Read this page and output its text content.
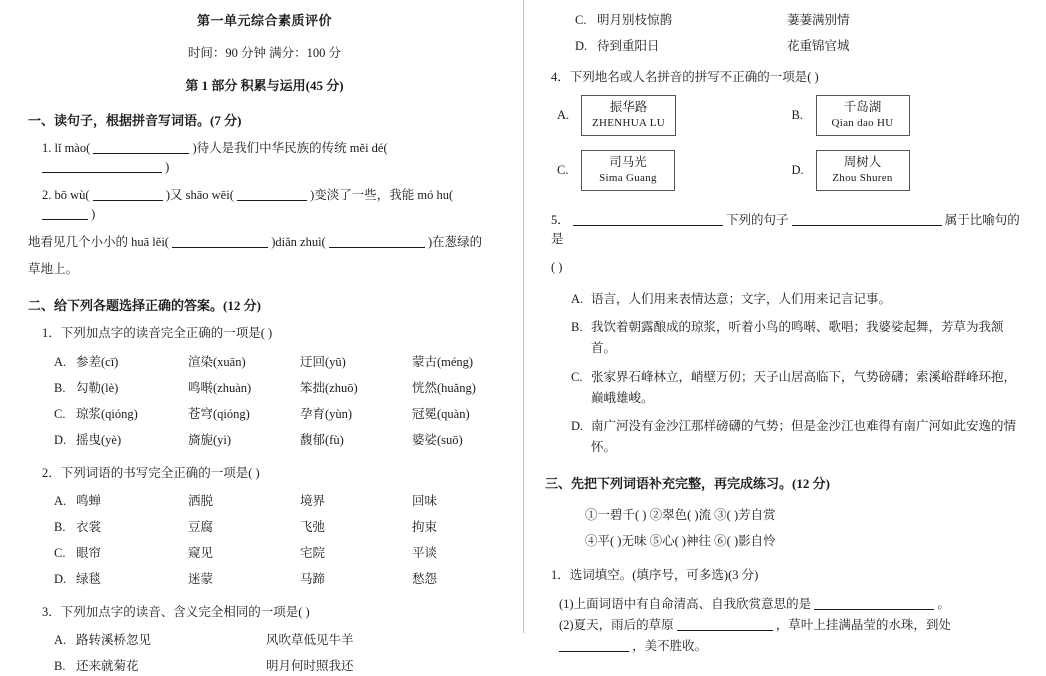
第一单元综合素质评价
时间：90 分钟 满分：100 分
第 1 部分 积累与运用(45 分)
一、读句子，根据拼音写词语。(7 分)
1. lǐ mào(	)待人是我们中华民族的传统 měi dé(  )
2. bō wù(	)又 shāo wēi(	)变淡了一些，我能 mó hu(  )
地看见几个小小的 huā lěi(	)diǎn zhuì(	)在葱绿的
草地上。
二、给下列各题选择正确的答案。(12 分)
1．下列加点字的读音完全正确的一项是( )
A. 参差(cī)	渲染(xuān)	迂回(yū)	蒙古(méng)
B. 勾勒(lè)	鸣啭(zhuàn)	笨拙(zhuō)	恍然(huǎng)
C. 琼浆(qióng)	苍穹(qióng)	孕育(yùn)	冠冕(quàn)
D. 摇曳(yè)	旖旎(yi)	馥郁(fù)	婆娑(suō)
2．下列词语的书写完全正确的一项是( )
A. 鸣蝉	洒脱	境界	回味
B. 衣裳	豆腐	飞弛	拘束
C. 眼帘	窥见	宅院	平谈
D. 绿毯	迷蒙	马蹄	愁怨
3．下列加点字的读音、含义完全相同的一项是( )
A. 路转溪桥忽见	风吹草低见牛羊
B. 还来就菊花	明月何时照我还
C. 明月别枝惊鹊	萋萋满别情
D. 待到重阳日	花重锦官城
4．下列地名或人名拼音的拼写不正确的一项是( )
A.
振华路
ZHENHUA LU
B.
千岛湖
Qian dao HU
C.
司马光
Sima Guang
D.
周树人
Zhou Shuren
5．	下列的句子	属于比喻句的是
( )
A. 语言，人们用来表情达意；文字，人们用来记言记事。
B. 我饮着朝露酿成的琼浆，听着小鸟的鸣啭、歌唱；我婆娑起舞，芳草为我颔首。
C. 张家界石峰林立，峭壁万仞；天子山居高临下，气势磅礴；索溪峪群峰环抱，巅峨雄峻。
D. 南广河没有金沙江那样磅礴的气势；但是金沙江也难得有南广河如此安逸的情怀。
三、先把下列词语补充完整，再完成练习。(12 分)
①一碧千( ) ②翠色( )流 ③( )芳自赏
④平( )无味 ⑤心( )神往 ⑥( )影自怜
1．选词填空。(填序号，可多选)(3 分)
(1)上面词语中有自命清高、自我欣赏意思的是	。
(2)夏天，雨后的草原	，草叶上挂满晶莹的水珠，到处
，美不胜收。
